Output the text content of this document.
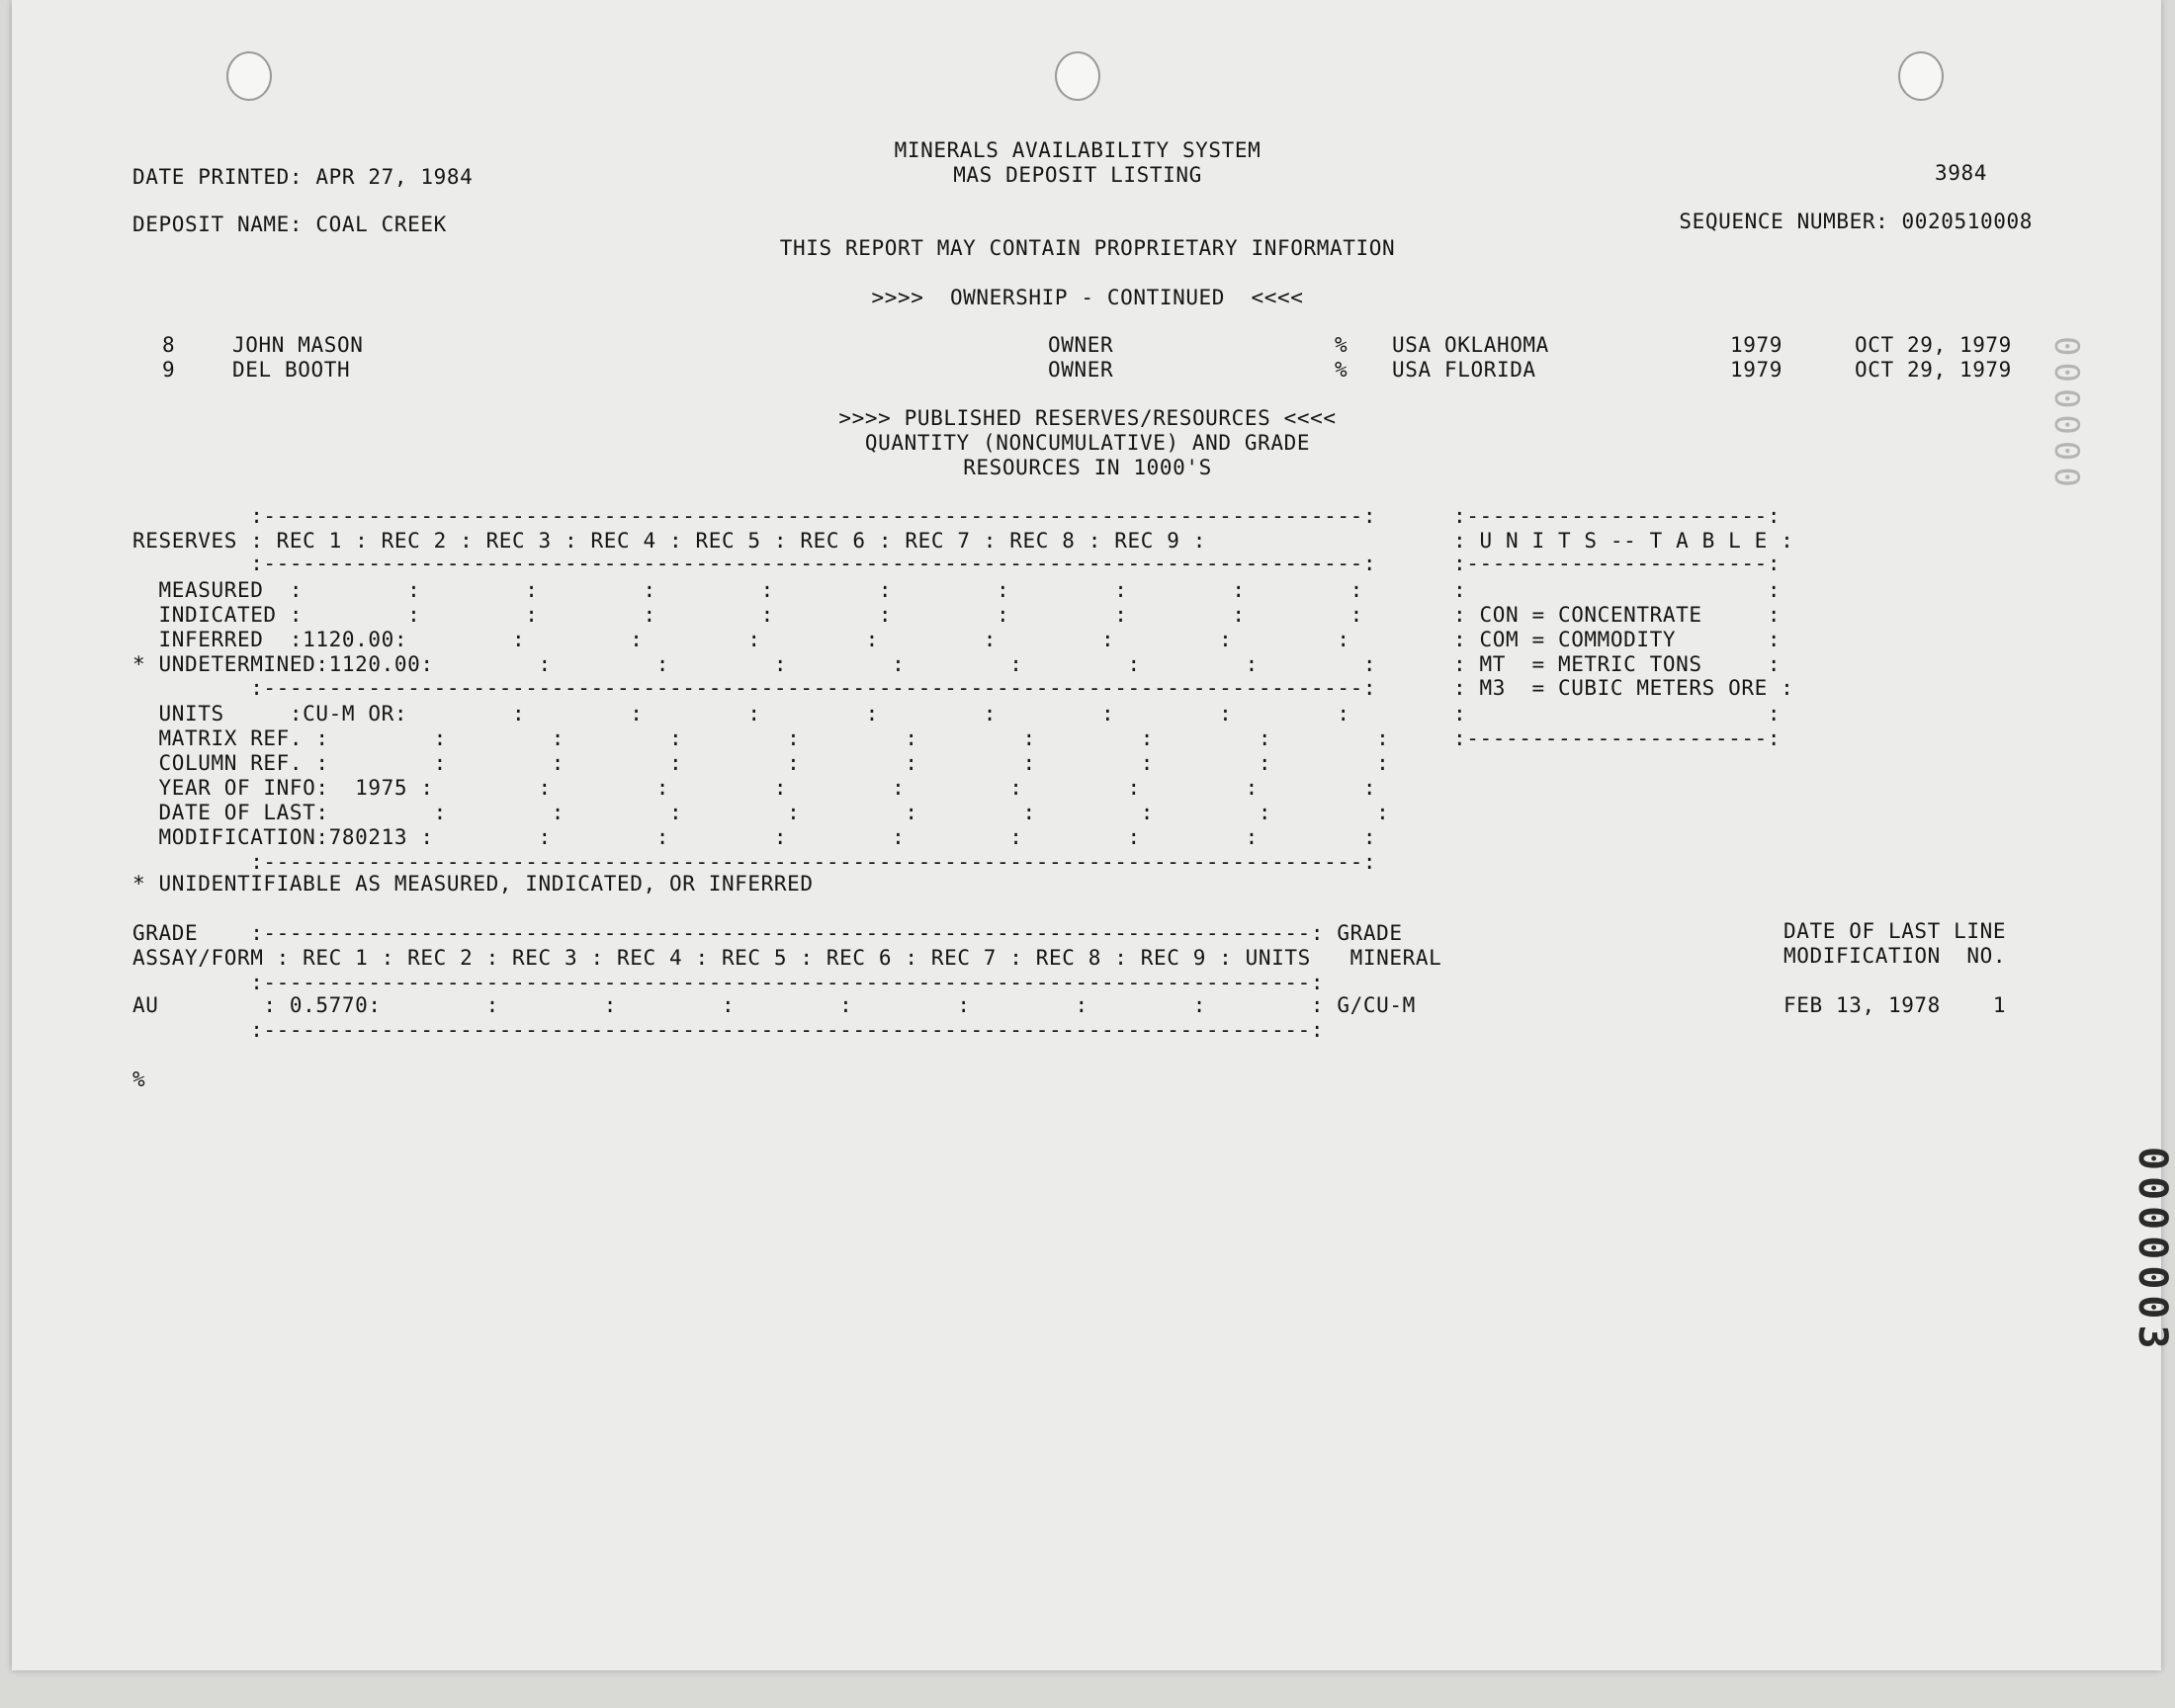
MINERALS AVAILABILITY SYSTEM
MAS DEPOSIT LISTING
DATE PRINTED: APR 27, 1984	3984
DEPOSIT NAME: COAL CREEK	SEQUENCE NUMBER: 0020510008
THIS REPORT MAY CONTAIN PROPRIETARY INFORMATION
>>>>  OWNERSHIP - CONTINUED  <<<<
8	JOHN MASON	OWNER	% USA OKLAHOMA	1979	OCT 29, 1979
9	DEL BOOTH	OWNER	% USA FLORIDA	1979	OCT 29, 1979
>>>> PUBLISHED RESERVES/RESOURCES <<<<
QUANTITY (NONCUMULATIVE) AND GRADE
RESOURCES IN 1000'S
:------------------------------------------------------------------------------------:
RESERVES : REC 1 : REC 2 : REC 3 : REC 4 : REC 5 : REC 6 : REC 7 : REC 8 : REC 9 :
:------------------------------------------------------------------------------------:
MEASURED  :        :        :        :        :        :        :        :        :        :
INDICATED :        :        :        :        :        :        :        :        :        :
INFERRED  :1120.00:        :        :        :        :        :        :        :        :
* UNDETERMINED:1120.00:        :        :        :        :        :        :        :        :
:------------------------------------------------------------------------------------:
UNITS     :CU-M OR:        :        :        :        :        :        :        :        :
MATRIX REF. :        :        :        :        :        :        :        :        :        :
COLUMN REF. :        :        :        :        :        :        :        :        :        :
YEAR OF INFO:  1975 :        :        :        :        :        :        :        :        :
DATE OF LAST:        :        :        :        :        :        :        :        :        :
MODIFICATION:780213 :        :        :        :        :        :        :        :        :
:------------------------------------------------------------------------------------:
:-----------------------:
: U N I T S -- T A B L E :
:-----------------------:
:                       :
: CON = CONCENTRATE     :
: COM = COMMODITY       :
: MT  = METRIC TONS     :
: M3  = CUBIC METERS ORE :
:                       :
:-----------------------:
* UNIDENTIFIABLE AS MEASURED, INDICATED, OR INFERRED
GRADE    :--------------------------------------------------------------------------------: GRADE
ASSAY/FORM : REC 1 : REC 2 : REC 3 : REC 4 : REC 5 : REC 6 : REC 7 : REC 8 : REC 9 : UNITS   MINERAL
:--------------------------------------------------------------------------------:
AU        : 0.5770:        :        :        :        :        :        :        :        : G/CU-M
:--------------------------------------------------------------------------------:
DATE OF LAST LINE
MODIFICATION  NO.
FEB 13, 1978    1
%
000000
0000003
